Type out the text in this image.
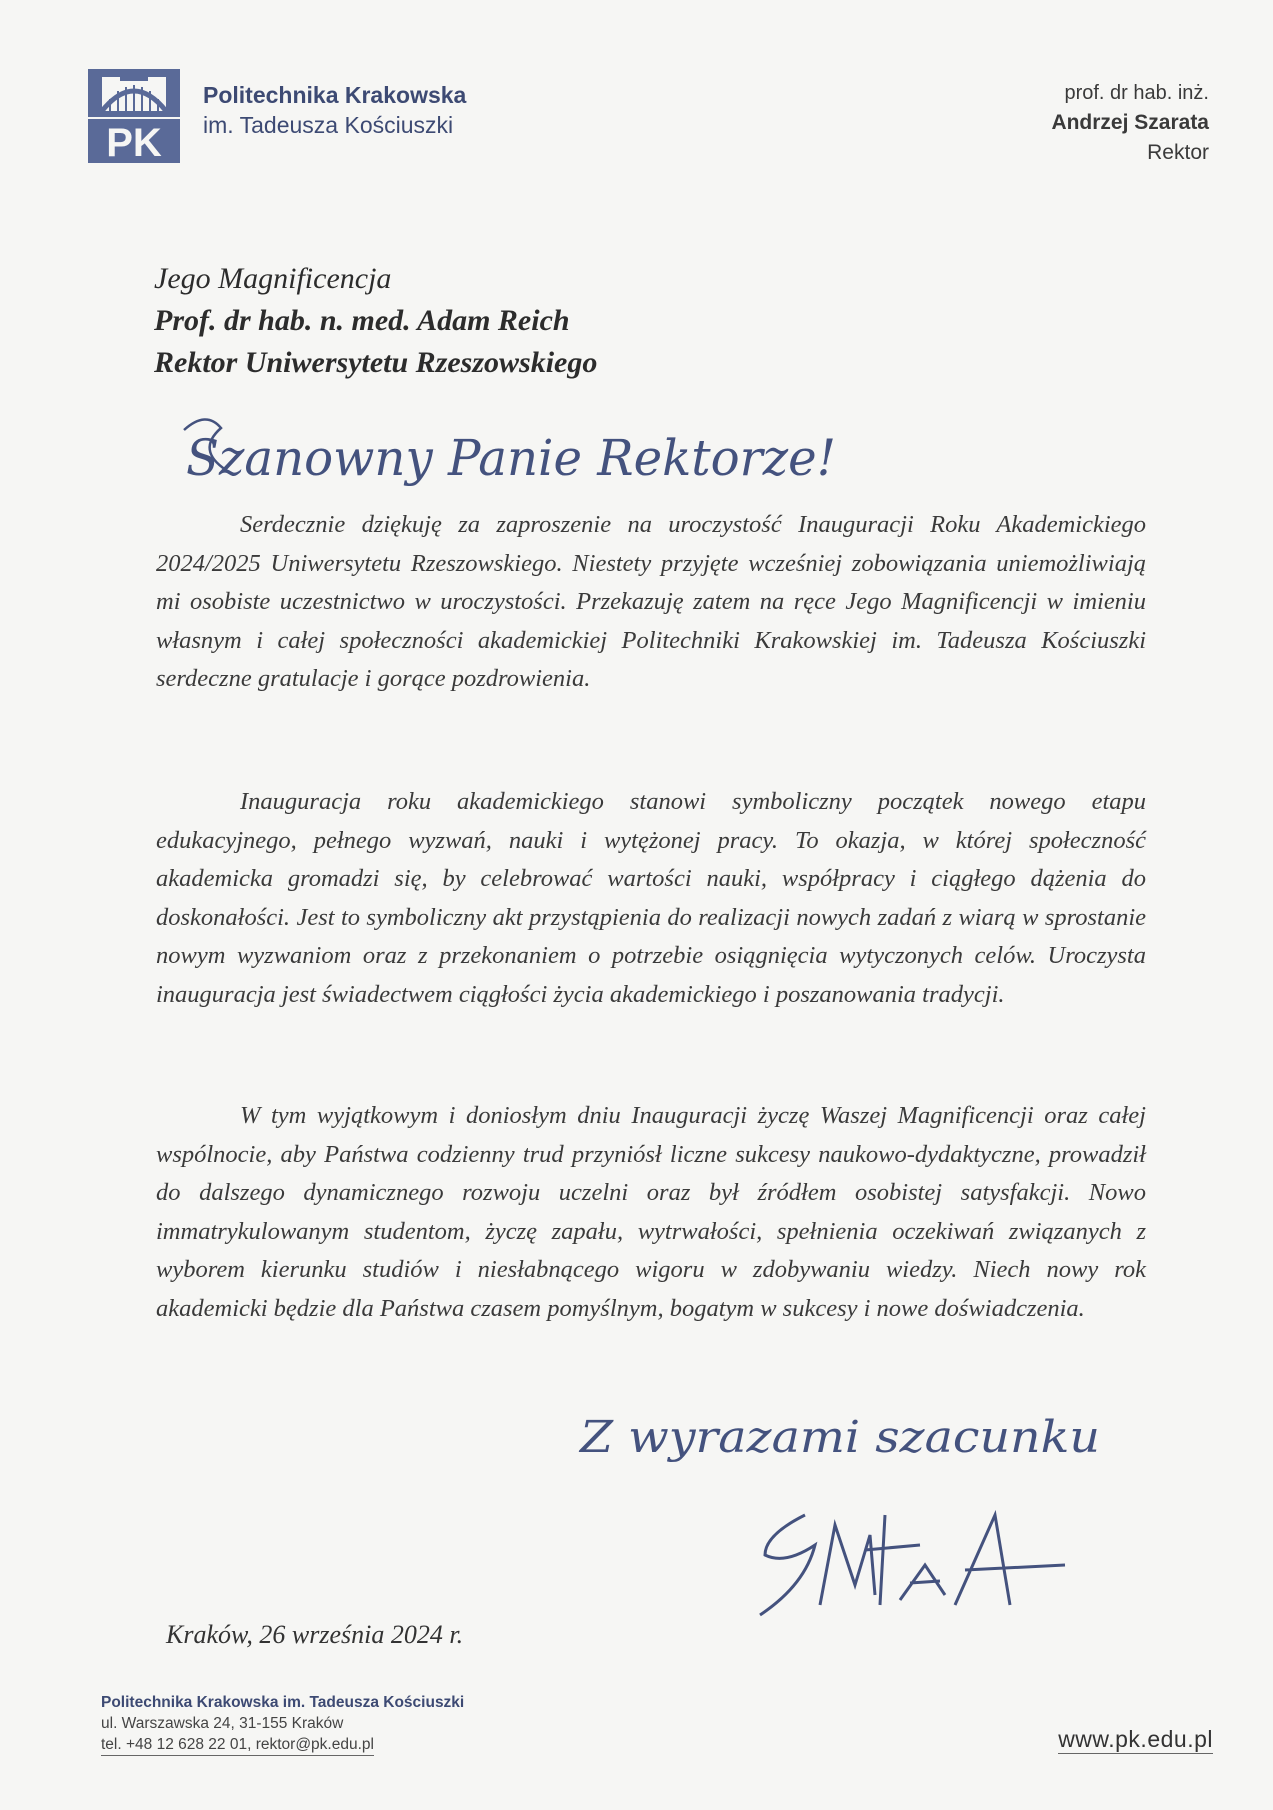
PK
Politechnika Krakowska
im. Tadeusza Kościuszki
prof. dr hab. inż.
Andrzej Szarata
Rektor
Jego Magnificencja
Prof. dr hab. n. med. Adam Reich
Rektor Uniwersytetu Rzeszowskiego
Szanowny Panie Rektorze!

Serdecznie dziękuję za zaproszenie na uroczystość Inauguracji Roku Akademickiego 2024/2025 Uniwersytetu Rzeszowskiego. Niestety przyjęte wcześniej zobowiązania uniemożliwiają mi osobiste uczestnictwo w uroczystości. Przekazuję zatem na ręce Jego Magnificencji w imieniu własnym i całej społeczności akademickiej Politechniki Krakowskiej im. Tadeusza Kościuszki serdeczne gratulacje i gorące pozdrowienia.

Inauguracja roku akademickiego stanowi symboliczny początek nowego etapu edukacyjnego, pełnego wyzwań, nauki i wytężonej pracy. To okazja, w której społeczność akademicka gromadzi się, by celebrować wartości nauki, współpracy i ciągłego dążenia do doskonałości. Jest to symboliczny akt przystąpienia do realizacji nowych zadań z wiarą w sprostanie nowym wyzwaniom oraz z przekonaniem o potrzebie osiągnięcia wytyczonych celów. Uroczysta inauguracja jest świadectwem ciągłości życia akademickiego i poszanowania tradycji.

W tym wyjątkowym i doniosłym dniu Inauguracji życzę Waszej Magnificencji oraz całej wspólnocie, aby Państwa codzienny trud przyniósł liczne sukcesy naukowo-dydaktyczne, prowadził do dalszego dynamicznego rozwoju uczelni oraz był źródłem osobistej satysfakcji. Nowo immatrykulowanym studentom, życzę zapału, wytrwałości, spełnienia oczekiwań związanych z wyborem kierunku studiów i niesłabnącego wigoru w zdobywaniu wiedzy. Niech nowy rok akademicki będzie dla Państwa czasem pomyślnym, bogatym w sukcesy i nowe doświadczenia.

Z wyrazami szacunku
Kraków, 26 września 2024 r.
Politechnika Krakowska im. Tadeusza Kościuszki
ul. Warszawska 24, 31-155 Kraków
tel. +48 12 628 22 01, rektor@pk.edu.pl	www.pk.edu.pl
